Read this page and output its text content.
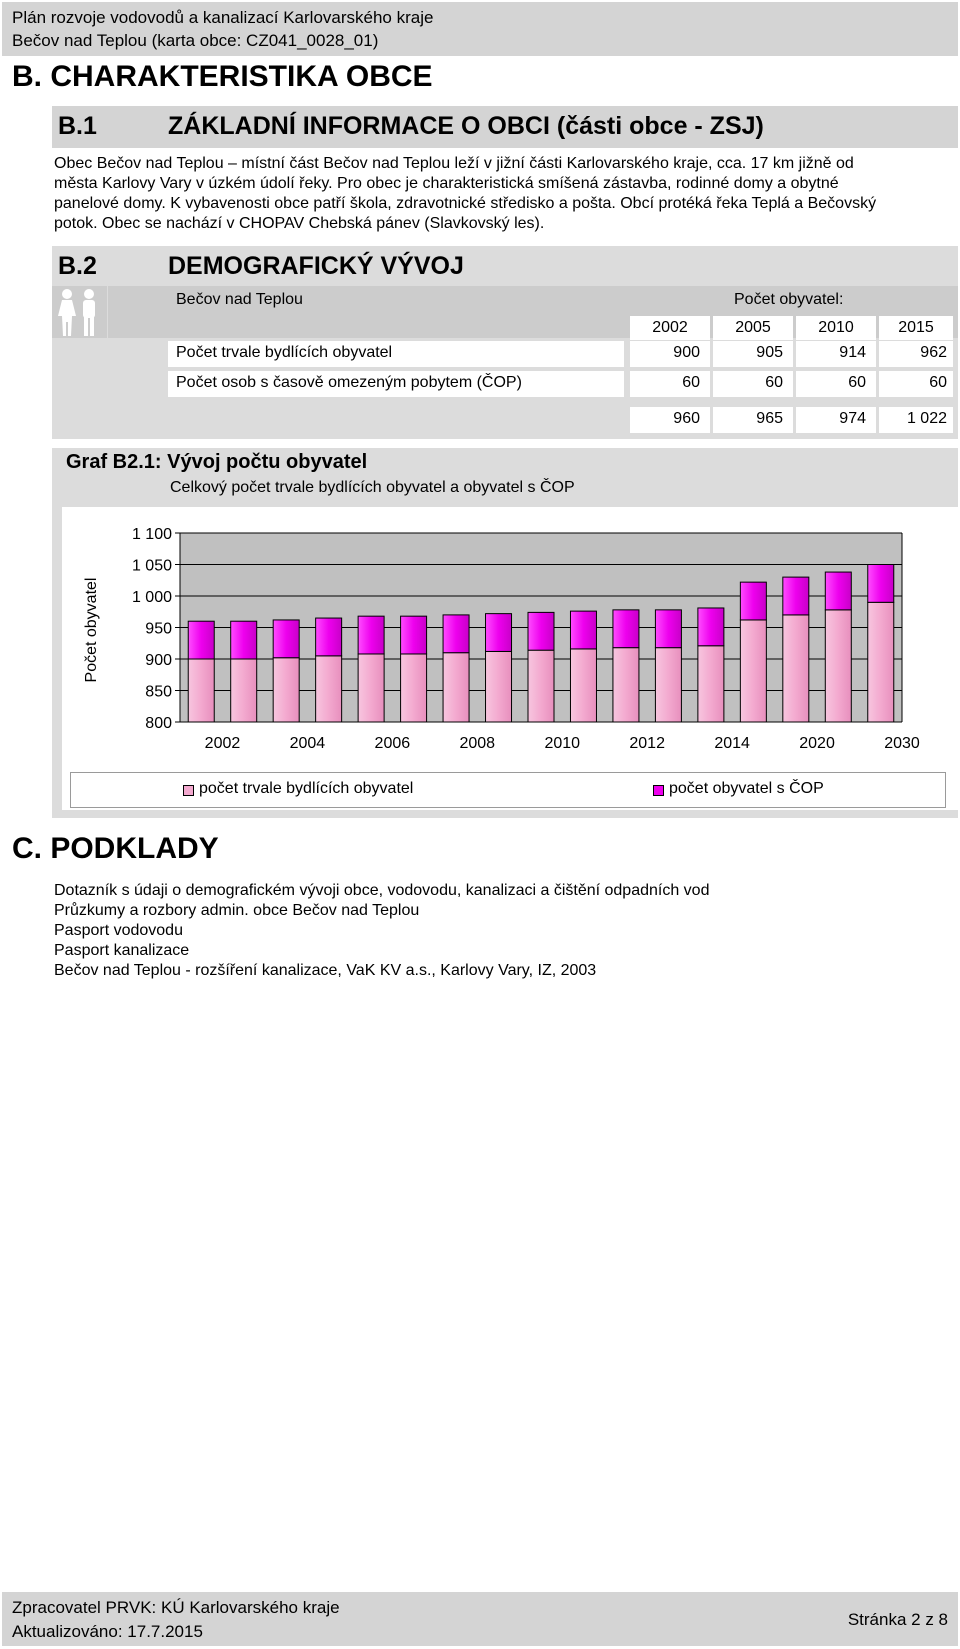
Plán rozvoje vodovodů a kanalizací Karlovarského kraje
Bečov nad Teplou (karta obce: CZ041_0028_01)
B. CHARAKTERISTIKA OBCE
B.1	ZÁKLADNÍ INFORMACE O OBCI (části obce - ZSJ)
Obec Bečov nad Teplou – místní část Bečov nad Teplou leží v jižní části Karlovarského kraje, cca. 17 km jižně od
města Karlovy Vary v úzkém údolí řeky. Pro obec je charakteristická smíšená zástavba, rodinné domy a obytné
panelové domy. K vybavenosti obce patří škola, zdravotnické středisko a pošta. Obcí protéká řeka Teplá a Bečovský
potok. Obec se nachází v CHOPAV Chebská pánev (Slavkovský les).
B.2	DEMOGRAFICKÝ VÝVOJ
Bečov nad Teplou	Počet obyvatel:
2002	2005	2010	2015
Počet trvale bydlících obyvatel	900	905	914	962
Počet osob s časově omezeným pobytem (ČOP)	60	60	60	60
960	965	974	1 022
Graf B2.1: Vývoj počtu obyvatel
Celkový počet trvale bydlících obyvatel a obyvatel s ČOP
Počet obyvatel
800
850
900
950
1 000
1 050
1 100
2002	2004	2006	2008	2010	2012	2014	2020	2030
počet trvale bydlících obyvatel	počet obyvatel s ČOP
C. PODKLADY
Dotazník s údaji o demografickém vývoji obce, vodovodu, kanalizaci a čištění odpadních vod
Průzkumy a rozbory admin. obce Bečov nad Teplou
Pasport vodovodu
Pasport kanalizace
Bečov nad Teplou - rozšíření kanalizace, VaK KV a.s., Karlovy Vary, IZ, 2003
Zpracovatel PRVK: KÚ Karlovarského kraje
Aktualizováno: 17.7.2015
Stránka 2 z 8
